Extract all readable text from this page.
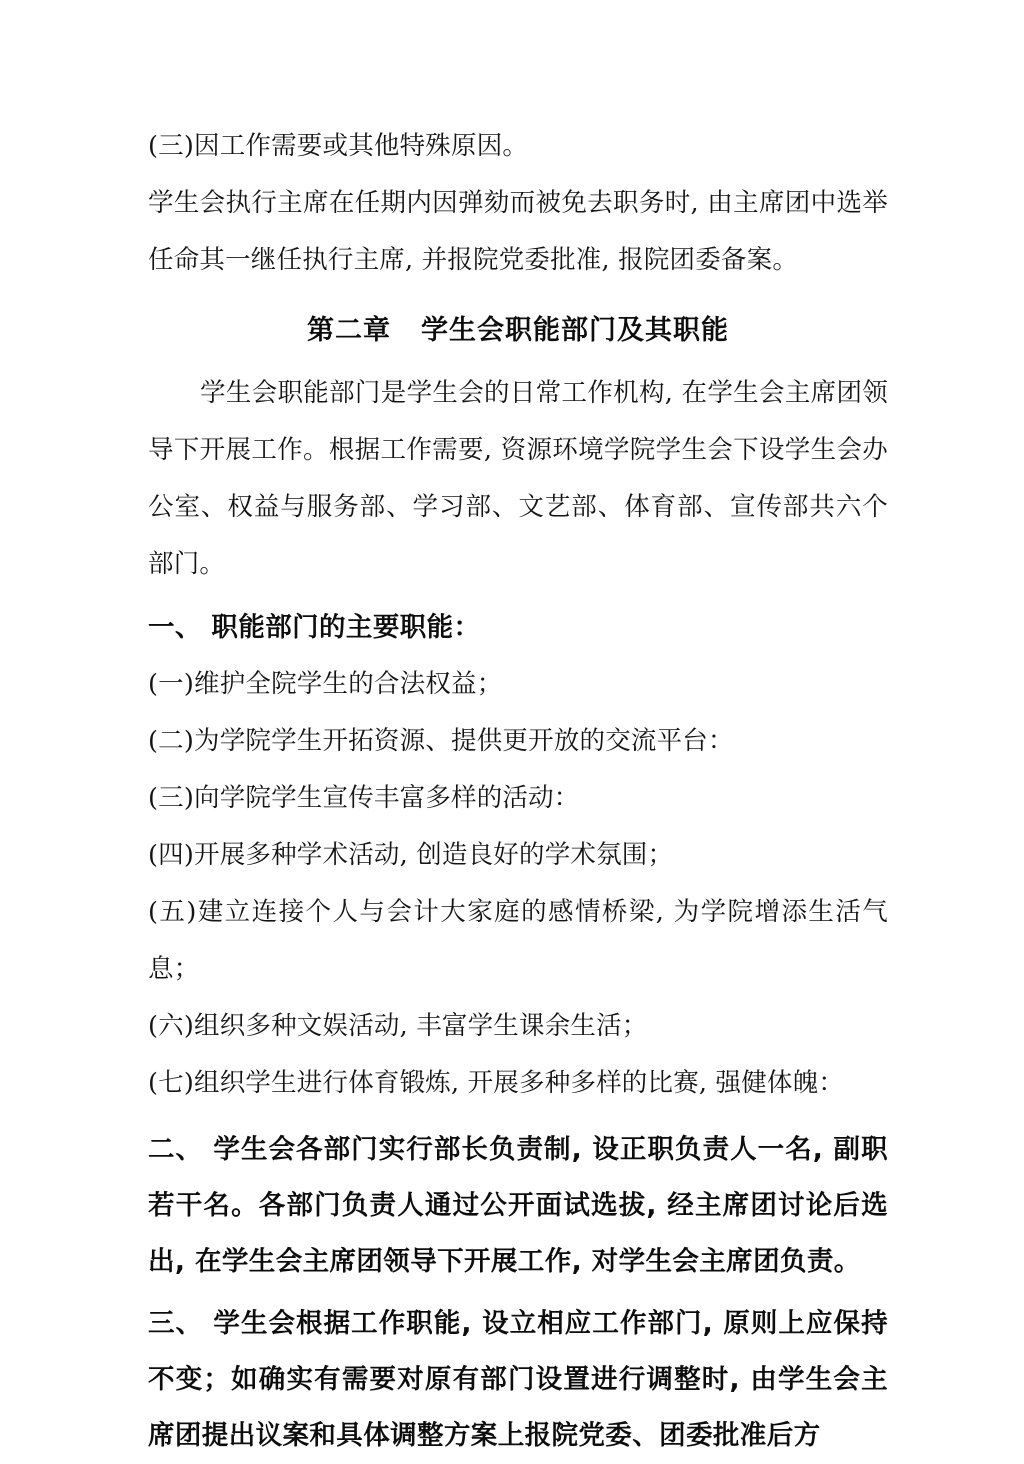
(三)因工作需要或其他特殊原因。

学生会执行主席在任期内因弹劾而被免去职务时, 由主席团中选举任命其一继任执行主席, 并报院党委批准, 报院团委备案。

第二章 学生会职能部门及其职能

学生会职能部门是学生会的日常工作机构, 在学生会主席团领导下开展工作。根据工作需要, 资源环境学院学生会下设学生会办公室、权益与服务部、学习部、文艺部、体育部、宣传部共六个部门。

一、 职能部门的主要职能：

(一)维护全院学生的合法权益；

(二)为学院学生开拓资源、提供更开放的交流平台：

(三)向学院学生宣传丰富多样的活动：

(四)开展多种学术活动, 创造良好的学术氛围；

(五)建立连接个人与会计大家庭的感情桥梁, 为学院增添生活气息；

(六)组织多种文娱活动, 丰富学生课余生活；

(七)组织学生进行体育锻炼, 开展多种多样的比赛, 强健体魄：

二、 学生会各部门实行部长负责制, 设正职负责人一名, 副职若干名。各部门负责人通过公开面试选拔, 经主席团讨论后选出, 在学生会主席团领导下开展工作, 对学生会主席团负责。

三、 学生会根据工作职能, 设立相应工作部门, 原则上应保持不变；如确实有需要对原有部门设置进行调整时, 由学生会主席团提出议案和具体调整方案上报院党委、团委批准后方
